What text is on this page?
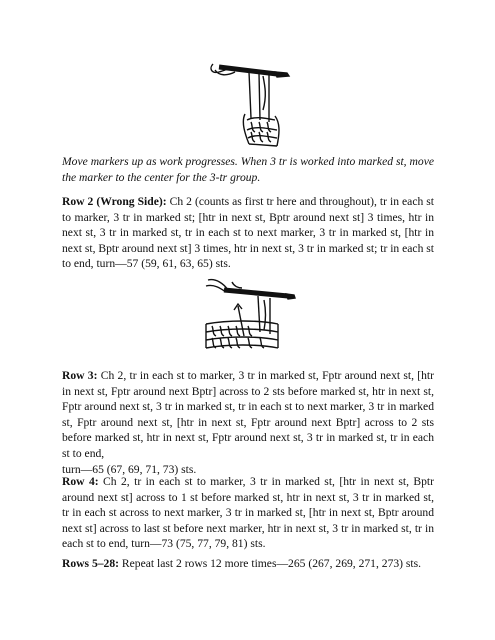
Move markers up as work progresses. When 3 tr is worked into marked st, move the marker to the center for the 3-tr group.

Row 2 (Wrong Side): Ch 2 (counts as first tr here and throughout), tr in each st to marker, 3 tr in marked st; [htr in next st, Bptr around next st] 3 times, htr in next st, 3 tr in marked st, tr in each st to next marker, 3 tr in marked st, [htr in next st, Bptr around next st] 3 times, htr in next st, 3 tr in marked st; tr in each st to end, turn—57 (59, 61, 63, 65) sts.

Row 3: Ch 2, tr in each st to marker, 3 tr in marked st, Fptr around next st, [htr in next st, Fptr around next Bptr] across to 2 sts before marked st, htr in next st, Fptr around next st, 3 tr in marked st, tr in each st to next marker, 3 tr in marked st, Fptr around next st, [htr in next st, Fptr around next Bptr] across to 2 sts before marked st, htr in next st, Fptr around next st, 3 tr in marked st, tr in each st to end,
turn—65 (67, 69, 71, 73) sts.

Row 4: Ch 2, tr in each st to marker, 3 tr in marked st, [htr in next st, Bptr around next st] across to 1 st before marked st, htr in next st, 3 tr in marked st, tr in each st across to next marker, 3 tr in marked st, [htr in next st, Bptr around next st] across to last st before next marker, htr in next st, 3 tr in marked st, tr in each st to end, turn—73 (75, 77, 79, 81) sts.

Rows 5–28: Repeat last 2 rows 12 more times—265 (267, 269, 271, 273) sts.
